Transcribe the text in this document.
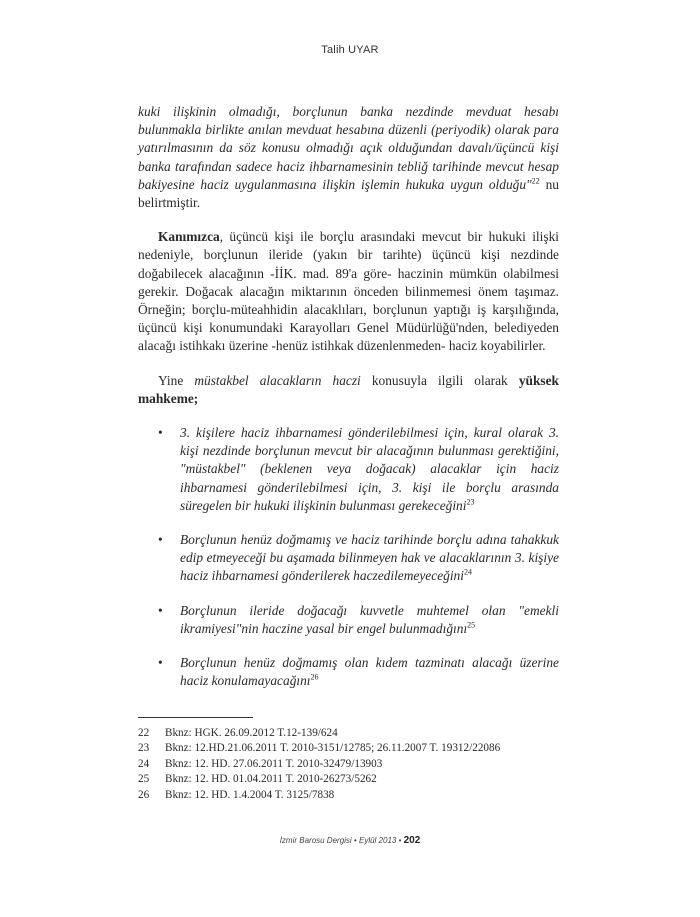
Talih UYAR

kuki ilişkinin olmadığı, borçlunun banka nezdinde mevduat hesabı bulunmakla birlikte anılan mevduat hesabına düzenli (periyodik) olarak para yatırılmasının da söz konusu olmadığı açık olduğundan davalı/üçüncü kişi banka tarafından sadece haciz ihbarnamesinin tebliğ tarihinde mevcut hesap bakiyesine haciz uygulanmasına ilişkin işlemin hukuka uygun olduğu"$^{22}$ nu belirtmiştir.

Kanımızca, üçüncü kişi ile borçlu arasındaki mevcut bir hukuki ilişki nedeniyle, borçlunun ileride (yakın bir tarihte) üçüncü kişi nezdinde doğabilecek alacağının -İİK. mad. 89'a göre- haczinin mümkün olabilmesi gerekir. Doğacak alacağın miktarının önceden bilinmemesi önem taşımaz. Örneğin; borçlu-müteahhidin alacaklıları, borçlunun yaptığı iş karşılığında, üçüncü kişi konumundaki Karayolları Genel Müdürlüğü'nden, belediyeden alacağı istihkakı üzerine -henüz istihkak düzenlenmeden- haciz koyabilirler.

Yine müstakbel alacakların haczi konusuyla ilgili olarak yüksek mahkeme;

• 3. kişilere haciz ihbarnamesi gönderilebilmesi için, kural olarak 3. kişi nezdinde borçlunun mevcut bir alacağının bulunması gerektiğini, "müstakbel" (beklenen veya doğacak) alacaklar için haciz ihbarnamesi gönderilebilmesi için, 3. kişi ile borçlu arasında süregelen bir hukuki ilişkinin bulunması gerekeceğini$^{23}$
• Borçlunun henüz doğmamış ve haciz tarihinde borçlu adına tahakkuk edip etmeyeceği bu aşamada bilinmeyen hak ve alacaklarının 3. kişiye haciz ihbarnamesi gönderilerek haczedilemeyeceğini$^{24}$
• Borçlunun ileride doğacağı kuvvetle muhtemel olan "emekli ikramiyesi"nin haczine yasal bir engel bulunmadığını$^{25}$
• Borçlunun henüz doğmamış olan kıdem tazminatı alacağı üzerine haciz konulamayacağını$^{26}$
22	Bknz: HGK. 26.09.2012 T.12-139/624
23	Bknz: 12.HD.21.06.2011 T. 2010-3151/12785; 26.11.2007 T. 19312/22086
24	Bknz: 12. HD. 27.06.2011 T. 2010-32479/13903
25	Bknz: 12. HD. 01.04.2011 T. 2010-26273/5262
26	Bknz: 12. HD. 1.4.2004 T. 3125/7838
İzmir Barosu Dergisi • Eylül 2013 • 202
